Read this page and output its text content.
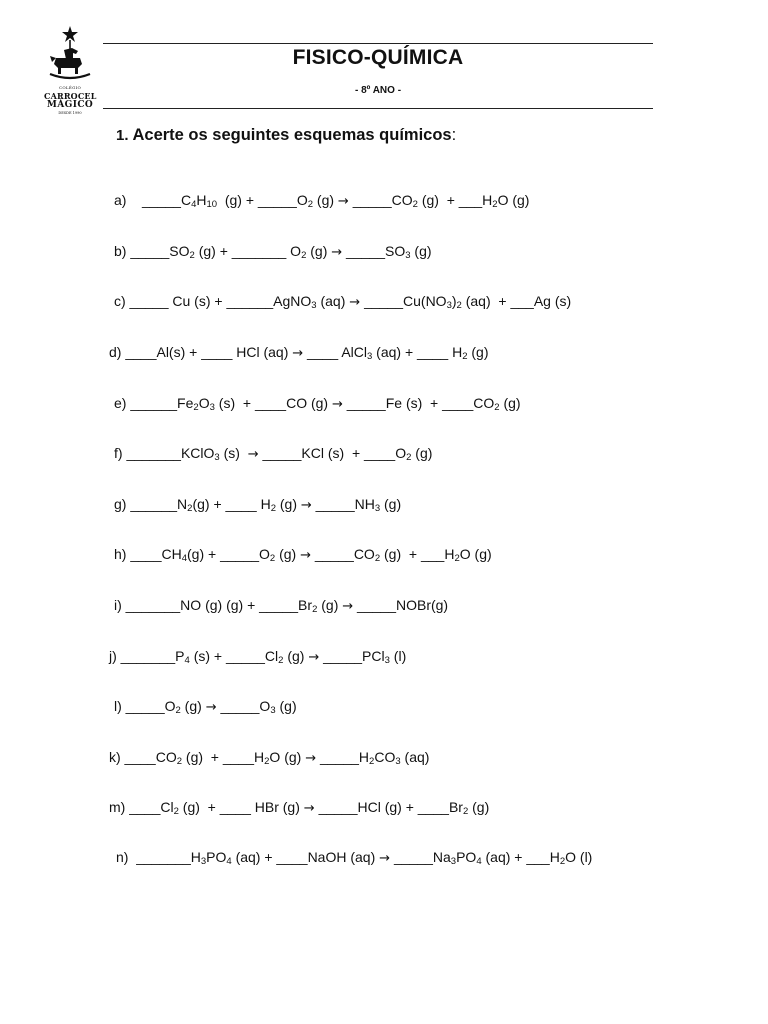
COLÉGIO
CARROCEL
MÁGICO
DESDE 1990
FISICO-QUÍMICA
- 8º ANO -
1. Acerte os seguintes esquemas químicos:
a)    $\_\_\_\_\_C_4H_{10}$  $(g) + \_\_\_\_\_O_2$ $(g) \to \_\_\_\_\_CO_2$ $(g) + \_\_\_H_2O$ (g)
b) $\_\_\_\_\_SO_2$ (g) + _______ $O_2$ $(g) \to \_\_\_\_\_SO_3$ (g)
c) _____ Cu (s) + ______AgNO$_3$ $(aq) \to \_\_\_\_\_Cu(NO_3)_2$ (aq)  + ___Ag (s)
d) ____Al(s) + ____ HCl (aq) → ____ AlCl$_3$ (aq) + ____ $H_2$ (g)
e) $\_\_\_\_\_\_Fe_2O_3$ (s)  + ____CO (g) → _____Fe $(s) + \_\_\_\_CO_2$ (g)
f) _______KClO$_3$ (s)  → _____KCl $(s) + \_\_\_\_O_2$ (g)
g) $\_\_\_\_\_\_N_2(g)$ + ____ $H_2$ $(g) \to \_\_\_\_\_NH_3$ (g)
h) $\_\_\_\_CH_4(g)$ + $\_\_\_\_\_O_2$ $(g) \to \_\_\_\_\_CO_2$ $(g) + \_\_\_H_2O$ (g)
i) _______NO (g) $(g) + \_\_\_\_\_Br_2$ (g) → _____NOBr(g)
j) $\_\_\_\_\_\_\_P_4$ $(s) + \_\_\_\_\_Cl_2$ (g) → _____PCl$_3$ (l)
l) $\_\_\_\_\_O_2$ $(g) \to \_\_\_\_\_O_3$ (g)
k) $\_\_\_\_CO_2$ $(g) + \_\_\_\_H_2O$ $(g) \to \_\_\_\_\_H_2CO_3$ (aq)
m) $\_\_\_\_Cl_2$ (g)  + ____ HBr (g) → _____HCl $(g) + \_\_\_\_Br_2$ (g)
n)  $\_\_\_\_\_\_\_H_3PO_4$ (aq) + ____NaOH $(aq) \to \_\_\_\_\_Na_3PO_4$ $(aq) + \_\_\_H_2O$ (l)
